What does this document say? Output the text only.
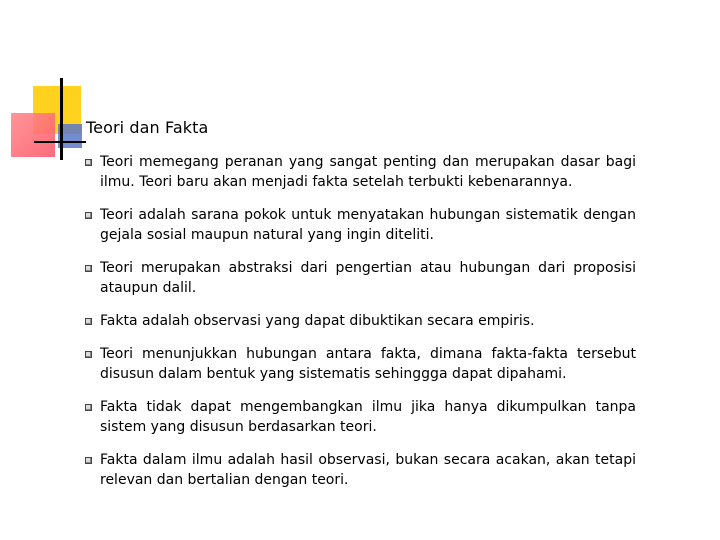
Teori dan Fakta
Teori memegang peranan yang sangat penting dan merupakan dasar bagi ilmu. Teori baru akan menjadi fakta setelah terbukti kebenarannya.
Teori adalah sarana pokok untuk menyatakan hubungan sistematik dengan gejala sosial maupun natural yang ingin diteliti.
Teori merupakan abstraksi dari pengertian atau hubungan dari proposisi ataupun dalil.
Fakta adalah observasi yang dapat dibuktikan secara empiris.
Teori menunjukkan hubungan antara fakta, dimana fakta-fakta tersebut disusun dalam bentuk yang sistematis sehinggga dapat dipahami.
Fakta tidak dapat mengembangkan ilmu jika hanya dikumpulkan tanpa sistem yang disusun berdasarkan teori.
Fakta dalam ilmu adalah hasil observasi, bukan secara acakan, akan tetapi relevan dan bertalian dengan teori.
